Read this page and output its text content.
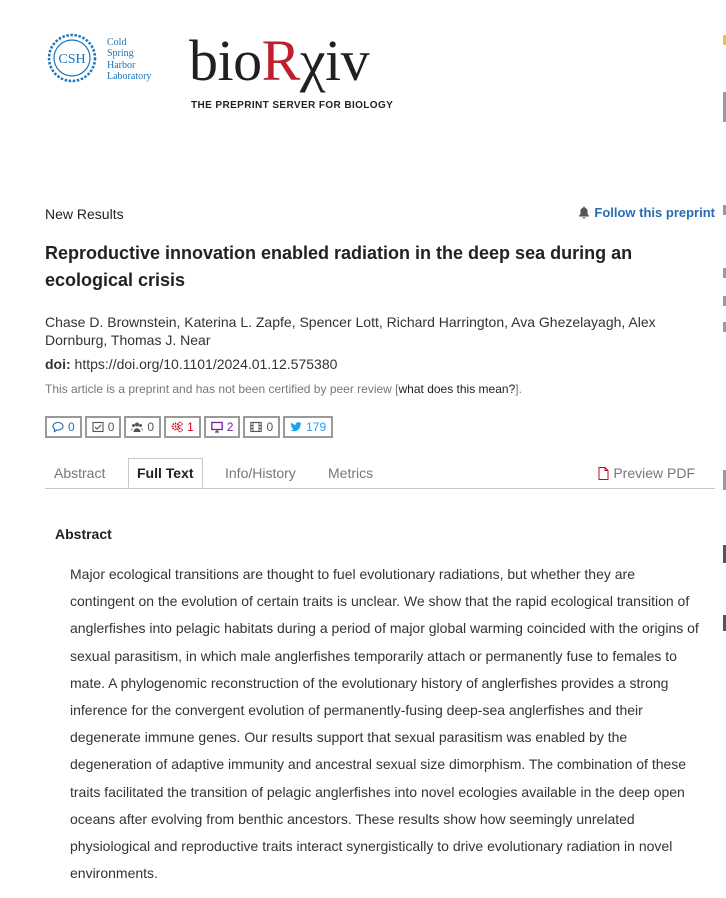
CSH
Cold
Spring
Harbor
Laboratory bioRχiv
THE PREPRINT SERVER FOR BIOLOGY
New Results	Follow this preprint
Reproductive innovation enabled radiation in the deep sea during an ecological crisis
Chase D. Brownstein, Katerina L. Zapfe, Spencer Lott, Richard Harrington, Ava Ghezelayagh, Alex Dornburg, Thomas J. Near
doi: https://doi.org/10.1101/2024.01.12.575380
This article is a preprint and has not been certified by peer review [what does this mean?].
0	0	0	1	2	0	179
Abstract	Full Text	Info/History Metrics	Preview PDF
Abstract
Major ecological transitions are thought to fuel evolutionary radiations, but whether they are contingent on the evolution of certain traits is unclear. We show that the rapid ecological transition of anglerfishes into pelagic habitats during a period of major global warming coincided with the origins of sexual parasitism, in which male anglerfishes temporarily attach or permanently fuse to females to mate. A phylogenomic reconstruction of the evolutionary history of anglerfishes provides a strong inference for the convergent evolution of permanently-fusing deep-sea anglerfishes and their degenerate immune genes. Our results support that sexual parasitism was enabled by the degeneration of adaptive immunity and ancestral sexual size dimorphism. The combination of these traits facilitated the transition of pelagic anglerfishes into novel ecologies available in the deep open oceans after evolving from benthic ancestors. These results show how seemingly unrelated physiological and reproductive traits interact synergistically to drive evolutionary radiation in novel environments.
